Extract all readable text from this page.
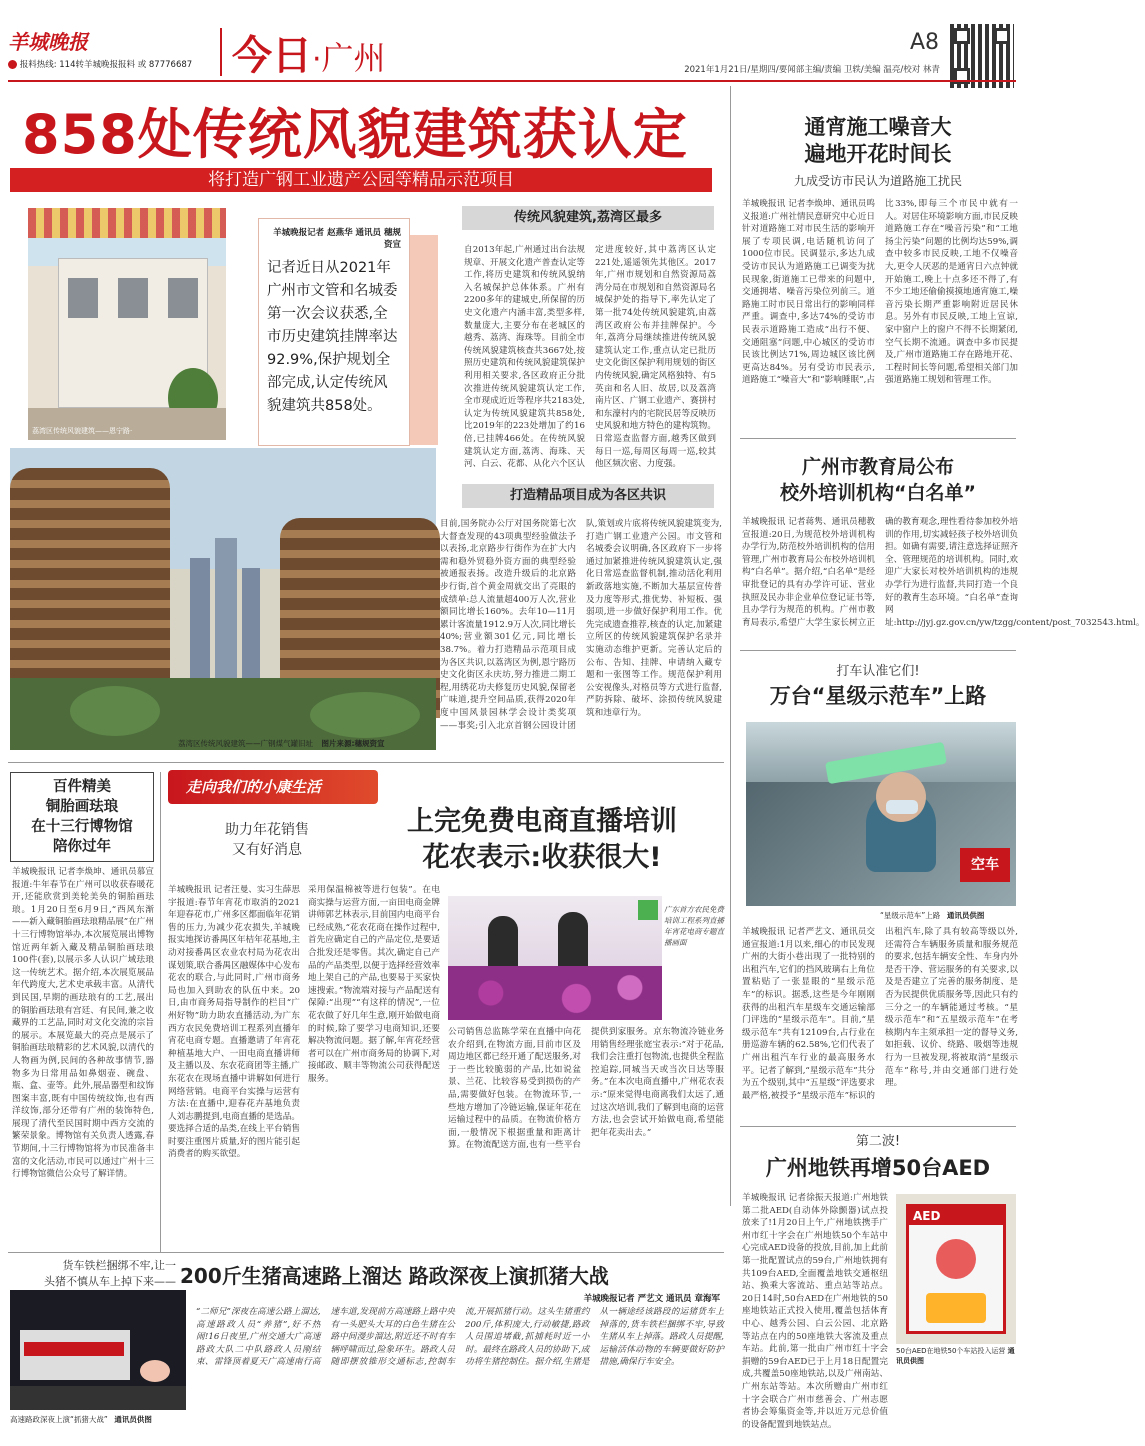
羊城晚报
报料热线: 114转羊城晚报报料 或 87776687 今日·广州	A8
2021年1月21日/星期四/要闻部主编/责编 卫轶/美编 温亮/校对 林青
858处传统风貌建筑获认定
将打造广钢工业遗产公园等精品示范项目
荔湾区传统风貌建筑——恩宁路·
羊城晚报记者 赵燕华 通讯员 穗规资宣
记者近日从2021年广州市文管和名城委第一次会议获悉,全市历史建筑挂牌率达92.9%,保护规划全部完成,认定传统风貌建筑共858处。
荔湾区传统风貌建筑——广钢煤气罐旧址 图片来源:穗规资宣
传统风貌建筑,荔湾区最多
自2013年起,广州通过出台法规规章、开展文化遗产普查认定等工作,将历史建筑和传统风貌纳入名城保护总体体系。广州有2200多年的建城史,所保留的历史文化遗产内涵丰富,类型多样,数量庞大,主要分布在老城区的越秀、荔湾、海珠等。目前全市传统风貌建筑核查共3667处,按照历史建筑和传统风貌建筑保护利用相关要求,各区政府正分批次推进传统风貌建筑认定工作,全市现成近近等程序共2183处,认定为传统风貌建筑共858处,比2019年的223处增加了约16倍,已挂牌466处。在传统风貌建筑认定方面,荔湾、海珠、天河、白云、花都、从化六个区认定进度较好,其中荔湾区认定221处,遥遥领先其他区。2017年,广州市规划和自然资源局荔湾分局在市规划和自然资源局名城保护处的指导下,率先认定了第一批74处传统风貌建筑,由荔湾区政府公布并挂牌保护。今年,荔湾分局继续推进传统风貌建筑认定工作,重点认定已批历史文化街区保护利用规划的街区内传统风貌,确定风格独特、有5英亩和名人旧、故居,以及荔湾南片区、广钢工业遗产、赛拼村和东濠村内的宅院民居等反映历史风貌和地方特色的建构筑物。日常巡查监督方面,越秀区做到每日一巡,每周区每周一巡,较其他区频次密、力度强。
打造精品项目成为各区共识
目前,国务院办公厅对国务院第七次大督查发现的43项典型经验做法予以表扬,北京路步行街作为在扩大内需和稳外贸稳外资方面的典型经验被通报表扬。改造升级后的北京路步行街,首个黄金周就交出了亮眼的成绩单:总人流量超400万人次,营业额同比增长160%。去年10—11月累计客流量1912.9万人次,同比增长40%;营业额301亿元,同比增长38.7%。着力打造精品示范项目成为各区共识,以荔湾区为例,恩宁路历史文化街区永庆坊,努力推进二期工程,用绣花功夫修复历史风貌,保留老广味道,提升空间品质,获得2020年度中国风景园林学会设计类奖项——事奖;引入北京首钢公园设计团队,策划或片底将传统风貌建筑变为,打造广钢工业遗产公园。市文管和名城委会议明确,各区政府下一步将通过加紧推进传统风貌建筑认定,强化日常巡查监督机制,推动活化利用新政落地实施,不断加大基层宣传普及力度等形式,推优势、补短板、强弱项,进一步做好保护利用工作。优先完成遗查推荐,核查的认定,加紧建立所区的传统风貌建筑保护名录并实施动态维护更新。完善认定后的公布、告知、挂牌、申请纳入藏专题和一张图等工作。规范保护利用公安视像头,对格员等方式进行监督,严防拆除、破坏、涂损传统风貌建筑和违章行为。
通宵施工噪音大
遍地开花时间长
九成受访市民认为道路施工扰民
羊城晚报讯 记者李焕坤、通讯员鸣义报道:广州社情民意研究中心近日针对道路施工对市民生活的影响开展了专项民调,电话随机访问了1000位市民。民调显示,多达九成受访市民认为道路施工已调变为扰民现象,街道施工已带来的问题中,交通拥堵、噪音污染位列前三。道路施工时市民日常出行的影响同样严重。调查中,多达74%的受访市民表示道路施工造成“出行不便、交通阻塞”问题,中心城区的受访市民该比例达71%,周边城区该比例更高达84%。另有受访市民表示,道路施工“噪音大”和“影响睡眠”,占比33%,即每三个市民中就有一人。对居住环境影响方面,市民反映道路施工存在“噪音污染”和“工地扬尘污染”问题的比例均达59%,调查中较多市民反映,工地不仅噪音大,更令人厌恶的是通宵日六点钟就开始施工,晚上十点多还不得了,有不少工地还偷偷摸摸地通宵施工,噪音污染长期严重影响附近居民休息。另外有市民反映,工地上宣谅,家中窗户上的窗户不得不长期紧闭,空气长期不流通。调查中多市民提及,广州市道路施工存在路地开花、工程时间长等问题,希望相关部门加强道路施工规划和管理工作。
广州市教育局公布
校外培训机构“白名单”
羊城晚报讯 记者蒋隽、通讯员穗教宣报道:20日,为规范校外培训机构办学行为,防范校外培训机构的信用管理,广州市教育局公布校外培训机构“白名单”。据介绍,“白名单”是经审批登记的具有办学许可证、营业执照及民办非企业单位登记证书等,且办学行为规范的机构。广州市教育局表示,希望广大学生家长树立正确的教育观念,理性看待参加校外培训的作用,切实减轻孩子校外培训负担。如确有需要,请注意选择证照齐全、管理规范的培训机构。同时,欢迎广大家长对校外培训机构的违规办学行为进行监督,共同打造一个良好的教育生态环境。“白名单”查询网址:http://jyj.gz.gov.cn/yw/tzgg/content/post_7032543.html。
打车认准它们!
万台“星级示范车”上路
空车
“星级示范车”上路 通讯员供图
羊城晚报讯 记者严艺文、通讯员交通宣报道:1月以来,细心的市民发现广州的大街小巷出现了一批特别的出租汽车,它们的挡风玻璃右上角位置粘贴了一张显眼的“星级示范车”的标识。据悉,这些是今年刚刚获得的出租汽车星级车交通运输部门评选的“星级示范车”。目前,“星级示范车”共有12109台,占行业在册巡游车辆的62.58%,它们代表了广州出租汽车行业的最高服务水平。记者了解到,“星级示范车”共分为五个级别,其中“五星级”评选要求最严格,被授予“星级示范车”标识的出租汽车,除了具有较高等级以外,还需符合车辆服务质量和服务规范的要求,包括车辆安全性、车身内外是否干净、营运服务的有关要求,以及是否建立了完善的服务制度、是否为民提供优质服务等,因此只有约三分之一的车辆能通过考核。“星级示范车”和“五星级示范车”在考核期内车主须承担一定的督导义务,如拒载、议价、绕路、吸烟等违规行为一旦被发现,将被取消“星级示范车”称号,并由交通部门进行处理。
第二波!
广州地铁再增50台AED
羊城晚报讯 记者徐振天报道:广州地铁第二批AED(自动体外除颤器)试点投放来了!1月20日上午,广州地铁携手广州市红十字会在广州地铁50个车站中心完成AED设备的投放,目前,加上此前第一批配置试点的59台,广州地铁拥有共109台AED,全面覆盖地铁交通枢纽站、换乘大客流站、重点站等站点。20日14时,50台AED在广州地铁的50座地铁站正式投入使用,覆盖包括体育中心、越秀公园、白云公园、北京路等站点在内的50座地铁大客流及重点车站。此前,第一批由广州市红十字会捐赠的59台AED已于上月18日配置完成,共覆盖50座地铁站,以及广州南站、广州东站等站。本次所赠由广州市红十字会联合广州市慈善会、广州志愿者协会筹集资金等,并以近万元总价值的设备配置到地铁站点。
AED
50台AED在地铁50个车站投入运营 通讯员供图
百件精美
铜胎画珐琅
在十三行博物馆
陪你过年
羊城晚报讯 记者李焕坤、通讯员慕宣报道:牛年春节在广州可以收获春暖花开,还能欣赏到美轮美奂的铜胎画珐琅。1月20日至6月9日,“西风东渐——新入藏铜胎画珐琅精品展”在广州十三行博物馆举办,本次展览展出博物馆近两年新入藏及精品铜胎画珐琅100件(套),以展示多人认识广域珐琅这一传统艺术。据介绍,本次展览展品年代跨度大,艺术史承载丰富。从清代到民国,早期的画珐琅有的工艺,展出的铜胎画珐琅有宫廷、有民间,兼之收藏界的工艺品,同时对文化交流的宗旨的展示。本展览最大的亮点是展示了铜胎画珐琅精彩的艺术风貌,以清代的人物画为例,民间的各种故事情节,器物多为日常用品如鼻烟壶、碗盘、瓶、盒、壶等。此外,展品器型和纹饰图案丰富,既有中国传统纹饰,也有西洋纹饰,部分还带有广州的装饰特色,展现了清代至民国时期中西方交流的繁荣景象。博物馆有关负责人透露,春节期间,十三行博物馆将为市民准备丰富的文化活动,市民可以通过广州十三行博物馆微信公众号了解详情。
走向我们的小康生活
助力年花销售
又有好消息
上完免费电商直播培训
花农表示:收获很大!
羊城晚报讯 记者汪曼、实习生薛思宇报道:春节年宵花市取消的2021年迎春花市,广州多区都面临年花销售的压力,为减少花农损失,羊城晚报实地探访番禺区年桔年花基地,主动对接番禺区农业农村局为花农出谋划策,联合番禺区融媒体中心发布花农的联合,与此同时,广州市商务局也加入到助农的队伍中来。20日,由市商务局指导制作的栏目“广州好物”助力助农直播活动,为广东西方农民免费培训工程系列直播年宵花电商专题。直播邀请了年宵花种植基地大户、一田电商直播讲师及主播以及、东农花商团等主播,广东花农在现场直播中讲解如何进行网络营销。电商平台实操与运营有方法:在直播中,迎春花卉基地负责人刘志鹏提到,电商直播的是选品。要选择合适的品类,在线上平台销售时要注重图片质量,好的图片能引起消费者的购买欲望。
采用保温棉被等进行包装”。在电商实操与运营方面,一亩田电商金牌讲师郭艺林表示,目前国内电商平台已经成熟,“花农花商在操作过程中,首先应确定自己的产品定位,是要适合批发还是零售。其次,确定自己产品的产品类型,以便于选择经营效率地上架自己的产品,也要易于买家快速搜索。”物流端对接与产品配送有保障:“出现”“有这样的情况”,一位花农做了好几年生意,刚开始做电商的时候,除了要学习电商知识,还要解决物流问题。据了解,年宵花经营者可以在广州市商务局的协调下,对接邮政、顺丰等物流公司获得配送服务。
广东首方农民免费培训工程系列直播年宵花电商专题直播画面
公司销售总监陈学荣在直播中向花农介绍到,在物流方面,目前市区及周边地区都已经开通了配送服务,对于一些比较脆弱的产品,比如说盆景、兰花、比较容易受到损伤的产品,需要做好包装。在物流环节,一些地方增加了冷链运输,保证年花在运输过程中的品质。在物流价格方面,一般情况下根据重量和距离计算。在物流配送方面,也有一些平台提供到家服务。京东物流冷链业务用销售经理张庭宝表示:“对于花品,我们会注重打包物流,也提供全程监控追踪,同城当天或当次日达等服务。”在本次电商直播中,广州花农表示:“原来觉得电商离我们太远了,通过这次培训,我们了解到电商的运营方法,也会尝试开始做电商,希望能把年花卖出去。”
货车铁栏捆绑不牢,让一
头猪不慎从车上掉下来—— 200斤生猪高速路上溜达 路政深夜上演抓猪大战
羊城晚报记者 严艺文 通讯员 章海军
高速路政深夜上演“抓猪大战” 通讯员供图
“二师兄”深夜在高速公路上溜达,高速路政人员“养猪”,好不热闹!16日夜里,广州交通大广高速路政大队二中队路政人员刚结束、雷锋顶着夏天广高速南行高速车道,发现前方高速路上路中央有一头肥头大耳的白色生猪在公路中间漫步溜达,附近还不时有车辆呼啸而过,险象环生。路政人员随即摆放锥形交通标志,控制车流,开展抓猪行动。这头生猪重约200斤,体积庞大,行动敏捷,路政人员围追堵截,抓捕耗时近一小时。最终在路政人员的协助下,成功将生猪控制住。据介绍,生猪是从一辆途经该路段的运猪货车上掉落的,货车铁栏捆绑不牢,导致生猪从车上掉落。路政人员提醒,运输活体动物的车辆要做好防护措施,确保行车安全。
